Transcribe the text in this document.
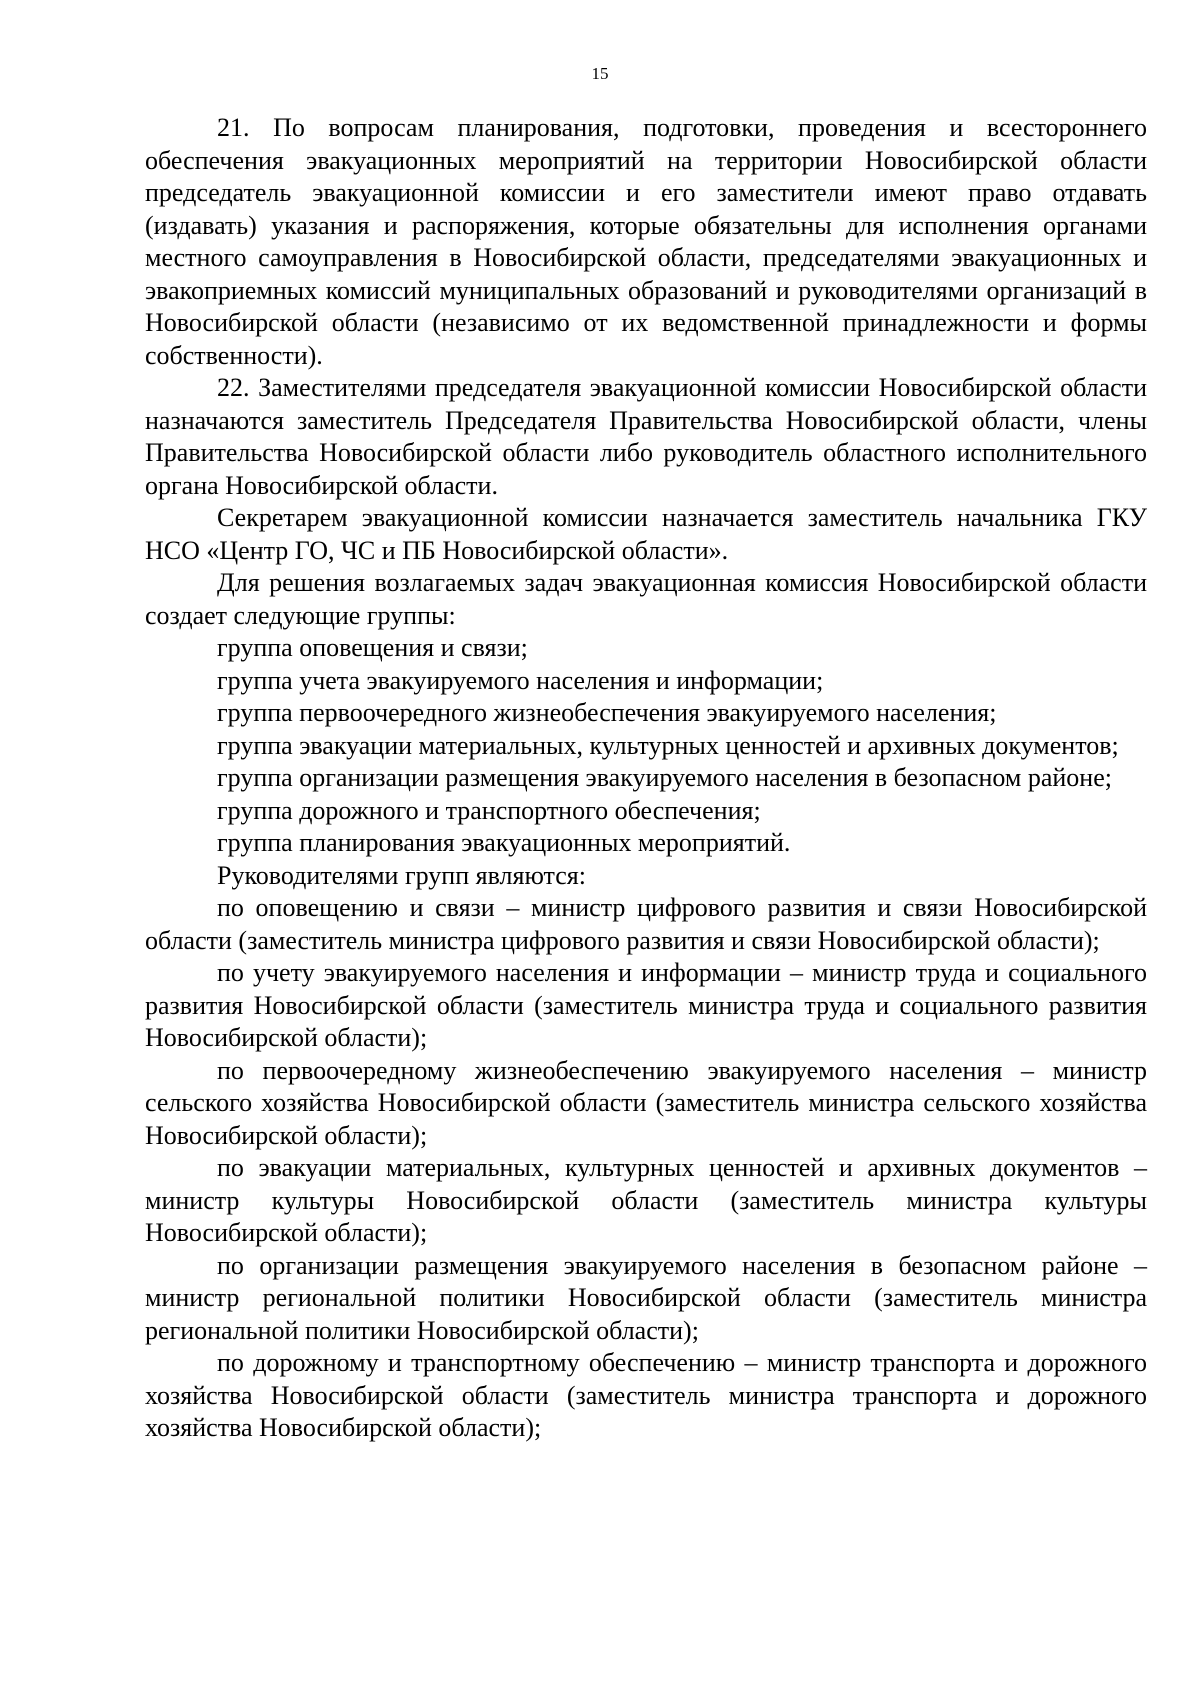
15

21. По вопросам планирования, подготовки, проведения и всестороннего обеспечения эвакуационных мероприятий на территории Новосибирской области председатель эвакуационной комиссии и его заместители имеют право отдавать (издавать) указания и распоряжения, которые обязательны для исполнения органами местного самоуправления в Новосибирской области, председателями эвакуационных и эвакоприемных комиссий муниципальных образований и руководителями организаций в Новосибирской области (независимо от их ведомственной принадлежности и формы собственности).

22. Заместителями председателя эвакуационной комиссии Новосибирской области назначаются заместитель Председателя Правительства Новосибирской области, члены Правительства Новосибирской области либо руководитель областного исполнительного органа Новосибирской области.

Секретарем эвакуационной комиссии назначается заместитель начальника ГКУ НСО «Центр ГО, ЧС и ПБ Новосибирской области».

Для решения возлагаемых задач эвакуационная комиссия Новосибирской области создает следующие группы:

группа оповещения и связи;

группа учета эвакуируемого населения и информации;

группа первоочередного жизнеобеспечения эвакуируемого населения;

группа эвакуации материальных, культурных ценностей и архивных документов;

группа организации размещения эвакуируемого населения в безопасном районе;

группа дорожного и транспортного обеспечения;

группа планирования эвакуационных мероприятий.

Руководителями групп являются:

по оповещению и связи – министр цифрового развития и связи Новосибирской области (заместитель министра цифрового развития и связи Новосибирской области);

по учету эвакуируемого населения и информации – министр труда и социального развития Новосибирской области (заместитель министра труда и социального развития Новосибирской области);

по первоочередному жизнеобеспечению эвакуируемого населения – министр сельского хозяйства Новосибирской области (заместитель министра сельского хозяйства Новосибирской области);

по эвакуации материальных, культурных ценностей и архивных документов – министр культуры Новосибирской области (заместитель министра культуры Новосибирской области);

по организации размещения эвакуируемого населения в безопасном районе – министр региональной политики Новосибирской области (заместитель министра региональной политики Новосибирской области);

по дорожному и транспортному обеспечению – министр транспорта и дорожного хозяйства Новосибирской области (заместитель министра транспорта и дорожного хозяйства Новосибирской области);
